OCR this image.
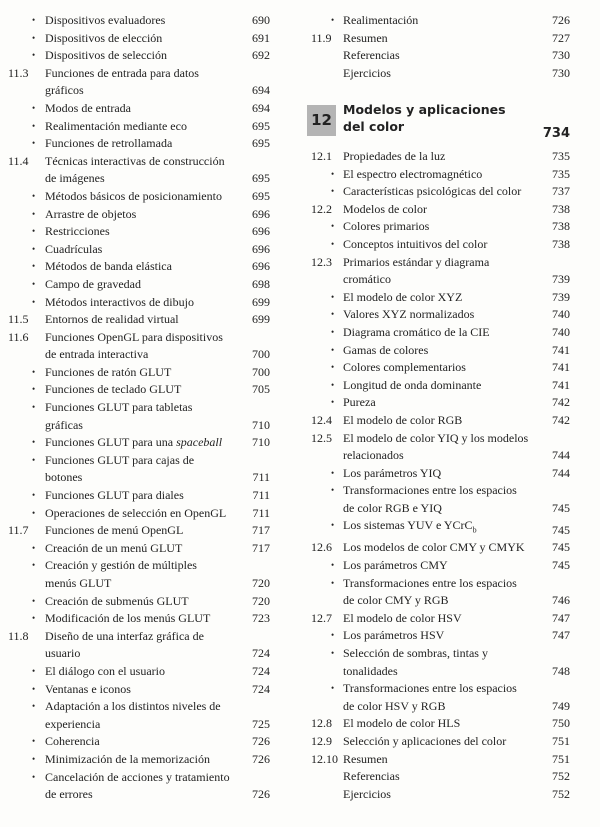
• Dispositivos evaluadores	690
• Dispositivos de elección	691
• Dispositivos de selección	692
11.3 Funciones de entrada para datos
gráficos	694
• Modos de entrada	694
• Realimentación mediante eco	695
• Funciones de retrollamada	695
11.4 Técnicas interactivas de construcción
de imágenes	695
• Métodos básicos de posicionamiento	695
• Arrastre de objetos	696
• Restricciones	696
• Cuadrículas	696
• Métodos de banda elástica	696
• Campo de gravedad	698
• Métodos interactivos de dibujo	699
11.5 Entornos de realidad virtual	699
11.6 Funciones OpenGL para dispositivos
de entrada interactiva	700
• Funciones de ratón GLUT	700
• Funciones de teclado GLUT	705
• Funciones GLUT para tabletas
gráficas	710
• Funciones GLUT para una spaceball	710
• Funciones GLUT para cajas de
botones	711
• Funciones GLUT para diales	711
• Operaciones de selección en OpenGL	711
11.7 Funciones de menú OpenGL	717
• Creación de un menú GLUT	717
• Creación y gestión de múltiples
menús GLUT	720
• Creación de submenús GLUT	720
• Modificación de los menús GLUT	723
11.8 Diseño de una interfaz gráfica de
usuario	724
• El diálogo con el usuario	724
• Ventanas e iconos	724
• Adaptación a los distintos niveles de
experiencia	725
• Coherencia	726
• Minimización de la memorización	726
• Cancelación de acciones y tratamiento
de errores	726
• Realimentación	726
11.9 Resumen	727
Referencias	730
Ejercicios	730
12
Modelos y aplicaciones
del color	734
12.1 Propiedades de la luz	735
• El espectro electromagnético	735
• Características psicológicas del color	737
12.2 Modelos de color	738
• Colores primarios	738
• Conceptos intuitivos del color	738
12.3 Primarios estándar y diagrama
cromático	739
• El modelo de color XYZ	739
• Valores XYZ normalizados	740
• Diagrama cromático de la CIE	740
• Gamas de colores	741
• Colores complementarios	741
• Longitud de onda dominante	741
• Pureza	742
12.4 El modelo de color RGB	742
12.5 El modelo de color YIQ y los modelos
relacionados	744
• Los parámetros YIQ	744
• Transformaciones entre los espacios
de color RGB e YIQ	745
• Los sistemas YUV e YCrC$_b$	745
12.6 Los modelos de color CMY y CMYK	745
• Los parámetros CMY	745
• Transformaciones entre los espacios
de color CMY y RGB	746
12.7 El modelo de color HSV	747
• Los parámetros HSV	747
• Selección de sombras, tintas y
tonalidades	748
• Transformaciones entre los espacios
de color HSV y RGB	749
12.8 El modelo de color HLS	750
12.9 Selección y aplicaciones del color	751
12.10 Resumen	751
Referencias	752
Ejercicios	752
